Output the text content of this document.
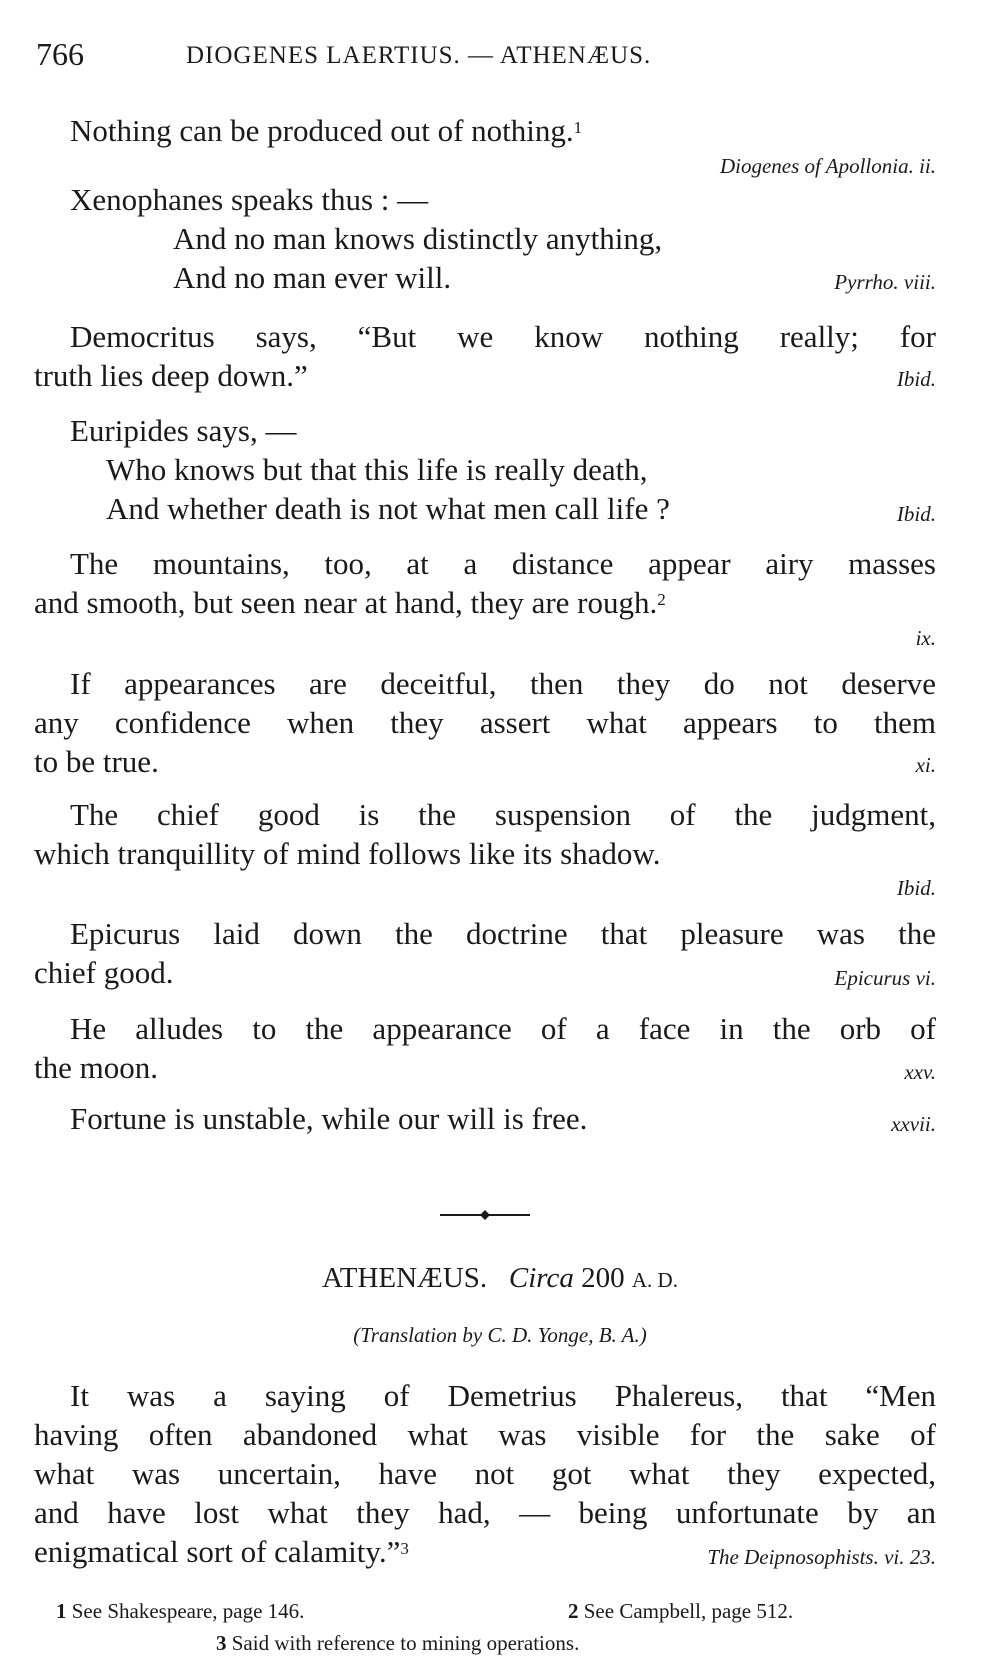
766	DIOGENES LAERTIUS. — ATHENÆUS.
Nothing can be produced out of nothing.$^1$
Diogenes of Apollonia. ii.
Xenophanes speaks thus : —
And no man knows distinctly anything,
And no man ever will.	Pyrrho. viii.
Democritus says, “But we know nothing really; for
truth lies deep down.”	Ibid.
Euripides says, —
Who knows but that this life is really death,
And whether death is not what men call life ?	Ibid.
The mountains, too, at a distance appear airy masses
and smooth, but seen near at hand, they are rough.$^2$
ix.
If appearances are deceitful, then they do not deserve
any confidence when they assert what appears to them
to be true.	xi.
The chief good is the suspension of the judgment,
which tranquillity of mind follows like its shadow.
Ibid.
Epicurus laid down the doctrine that pleasure was the
chief good.	Epicurus vi.
He alludes to the appearance of a face in the orb of
the moon.	xxv.
Fortune is unstable, while our will is free.	xxvii.
ATHENÆUS. Circa 200 A. D.
(Translation by C. D. Yonge, B. A.)
It was a saying of Demetrius Phalereus, that “Men
having often abandoned what was visible for the sake of
what was uncertain, have not got what they expected,
and have lost what they had, — being unfortunate by an
enigmatical sort of calamity.”$^3$	The Deipnosophists. vi. 23.
1 See Shakespeare, page 146.	2 See Campbell, page 512.
3 Said with reference to mining operations.
